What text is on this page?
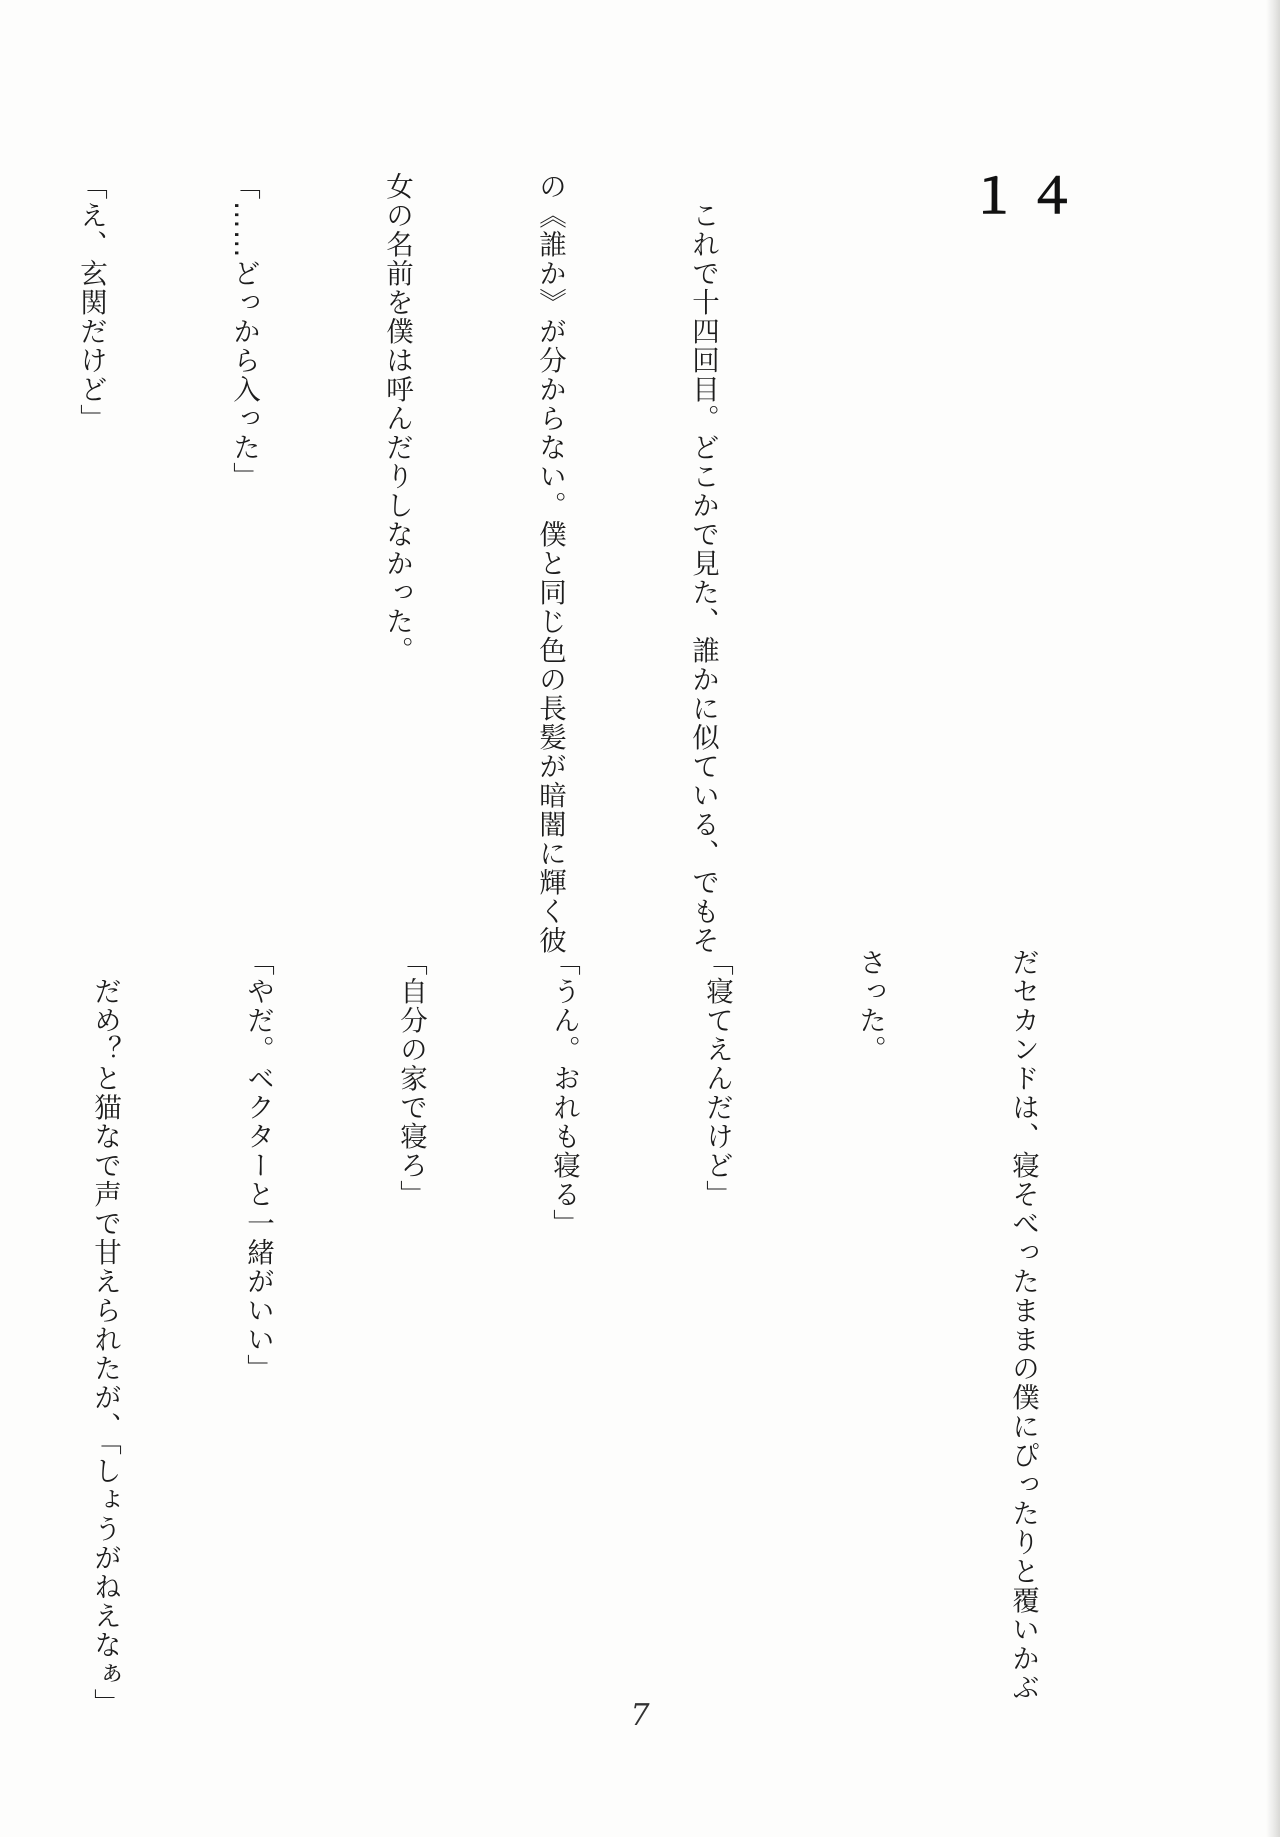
１４

　これで十四回目。どこかで見た、誰かに似ている、でもそ

の《誰か》が分からない。僕と同じ色の長髪が暗闇に輝く彼

女の名前を僕は呼んだりしなかった。

「……どっから入った」

「え、玄関だけど」

だセカンドは、寝そべったままの僕にぴったりと覆いかぶ

さった。

「寝てえんだけど」

「うん。おれも寝る」

「自分の家で寝ろ」

「やだ。ベクターと一緒がいい」

　だめ？と猫なで声で甘えられたが、「しょうがねえなぁ」

	7
